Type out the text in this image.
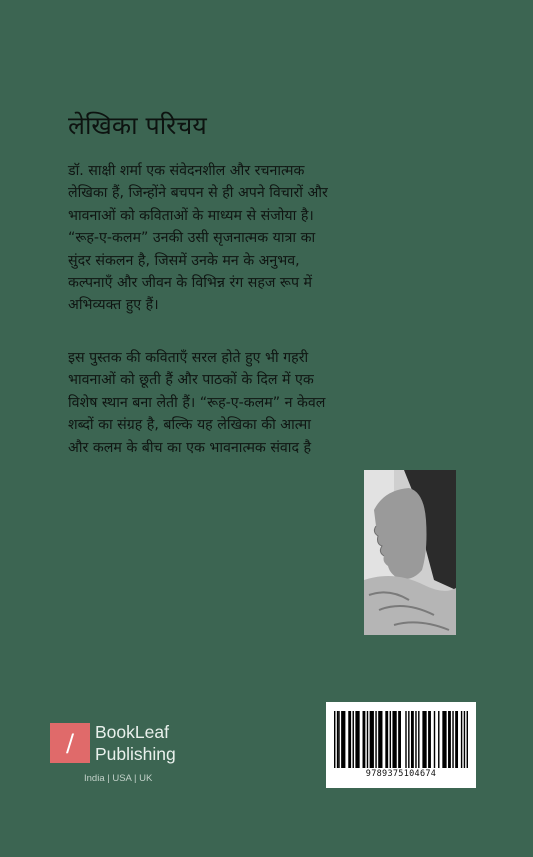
लेखिका परिचय
डॉ. साक्षी शर्मा एक संवेदनशील और रचनात्मक
लेखिका हैं, जिन्होंने बचपन से ही अपने विचारों और
भावनाओं को कविताओं के माध्यम से संजोया है।
“रूह-ए-कलम” उनकी उसी सृजनात्मक यात्रा का
सुंदर संकलन है, जिसमें उनके मन के अनुभव,
कल्पनाएँ और जीवन के विभिन्न रंग सहज रूप में
अभिव्यक्त हुए हैं।
इस पुस्तक की कविताएँ सरल होते हुए भी गहरी
भावनाओं को छूती हैं और पाठकों के दिल में एक
विशेष स्थान बना लेती हैं। “रूह-ए-कलम” न केवल
शब्दों का संग्रह है, बल्कि यह लेखिका की आत्मा
और कलम के बीच का एक भावनात्मक संवाद है
/	BookLeaf
Publishing
India | USA | UK	9789375104674
